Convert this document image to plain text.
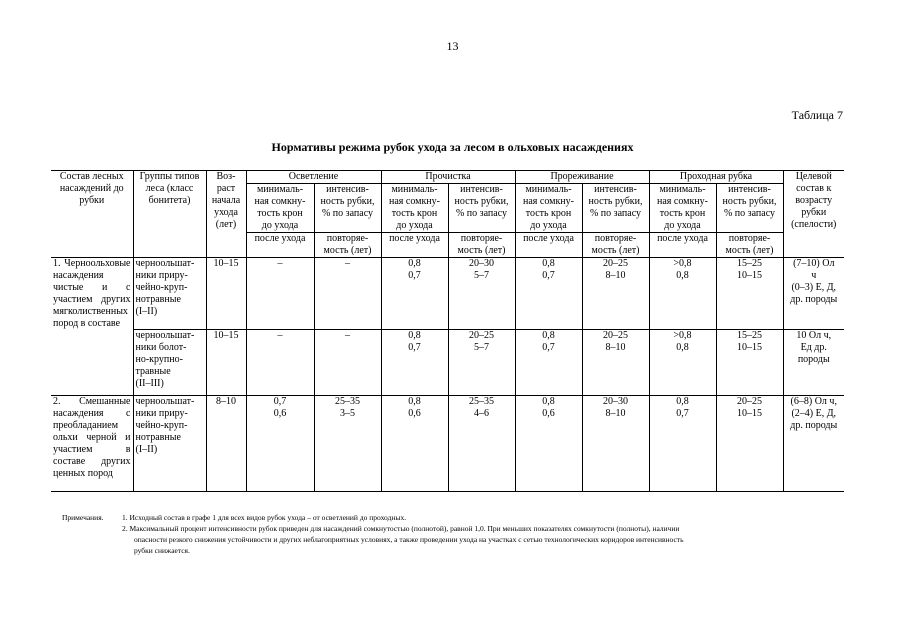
13
Таблица 7
Нормативы режима рубок ухода за лесом в ольховых насаждениях
Состав лесных насаждений до рубки	Группы типов леса (класс бонитета)	Воз-
раст
начала
ухода
(лет)	Осветление		Прочистка		Прореживание		Проходная рубка		Целевой состав к возрасту рубки (спелости)
			минималь-
ная сомкну-
тость крон
до ухода	интенсив-
ность рубки,
% по запасу	минималь-
ная сомкну-
тость крон
до ухода	интенсив-
ность рубки,
% по запасу	минималь-
ная сомкну-
тость крон
до ухода	интенсив-
ность рубки,
% по запасу	минималь-
ная сомкну-
тость крон
до ухода	интенсив-
ность рубки,
% по запасу	
			после ухода	повторяе-
мость (лет)	после ухода	повторяе-
мость (лет)	после ухода	повторяе-
мость (лет)	после ухода	повторяе-
мость (лет)	
1. Черноольховые насаждения чистые и с участием других мягколиственных пород в составе	черноольшат-
ники приру-
чейно-круп-
нотравные
(I–II)	10–15	–	–	0,8
0,7	20–30
5–7	0,8
0,7	20–25
8–10	>0,8
0,8	15–25
10–15	(7–10) Ол
ч
(0–3) Е, Д,
др. породы
	черноольшат-
ники болот-
но-крупно-
травные
(II–III)	10–15	–	–	0,8
0,7	20–25
5–7	0,8
0,7	20–25
8–10	>0,8
0,8	15–25
10–15	10 Ол ч,
Ед др.
породы
2. Смешанные насаждения с преобладанием ольхи черной и участием в составе других ценных пород	черноольшат-
ники приру-
чейно-круп-
нотравные
(I–II)	8–10	0,7
0,6	25–35
3–5	0,8
0,6	25–35
4–6	0,8
0,6	20–30
8–10	0,8
0,7	20–25
10–15	(6–8) Ол ч,
(2–4) Е, Д,
др. породы
Примечания.	1. Исходный состав в графе 1 для всех видов рубок ухода – от осветлений до проходных.
2. Максимальный процент интенсивности рубок приведен для насаждений сомкнутостью (полнотой), равной 1,0. При меньших показателях сомкнутости (полноты), наличии
опасности резкого снижения устойчивости и других неблагоприятных условиях, а также проведении ухода на участках с сетью технологических коридоров интенсивность
рубки снижается.
